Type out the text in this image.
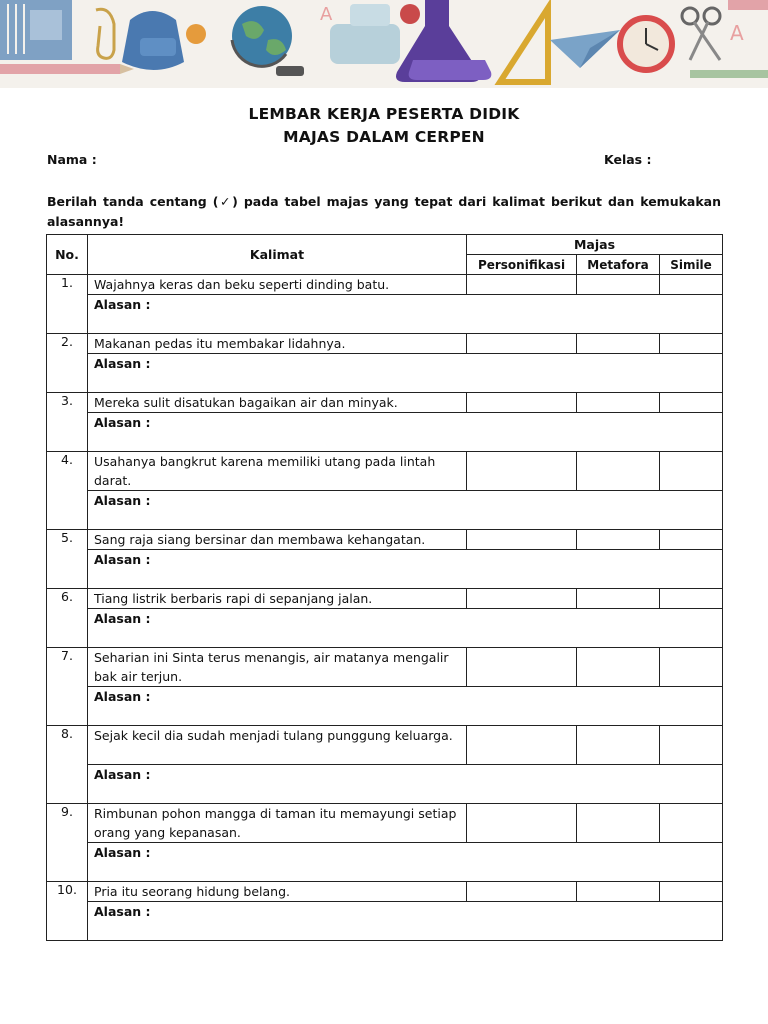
A
A
LEMBAR KERJA PESERTA DIDIK
MAJAS DALAM CERPEN
Nama :	Kelas :
Berilah tanda centang (✓) pada tabel majas yang tepat dari kalimat berikut dan kemukakan alasannya!
No.	Kalimat	Majas		
		Personifikasi	Metafora	Simile
1.	Wajahnya keras dan beku seperti dinding batu.			
	Alasan :			
2.	Makanan pedas itu membakar lidahnya.			
	Alasan :			
3.	Mereka sulit disatukan bagaikan air dan minyak.			
	Alasan :			
4.	Usahanya bangkrut karena memiliki utang pada lintah darat.			
	Alasan :			
5.	Sang raja siang bersinar dan membawa kehangatan.			
	Alasan :			
6.	Tiang listrik berbaris rapi di sepanjang jalan.			
	Alasan :			
7.	Seharian ini Sinta terus menangis, air matanya mengalir bak air terjun.			
	Alasan :			
8.	Sejak kecil dia sudah menjadi tulang punggung keluarga.			
	Alasan :			
9.	Rimbunan pohon mangga di taman itu memayungi setiap orang yang kepanasan.			
	Alasan :			
10.	Pria itu seorang hidung belang.			
	Alasan :			
